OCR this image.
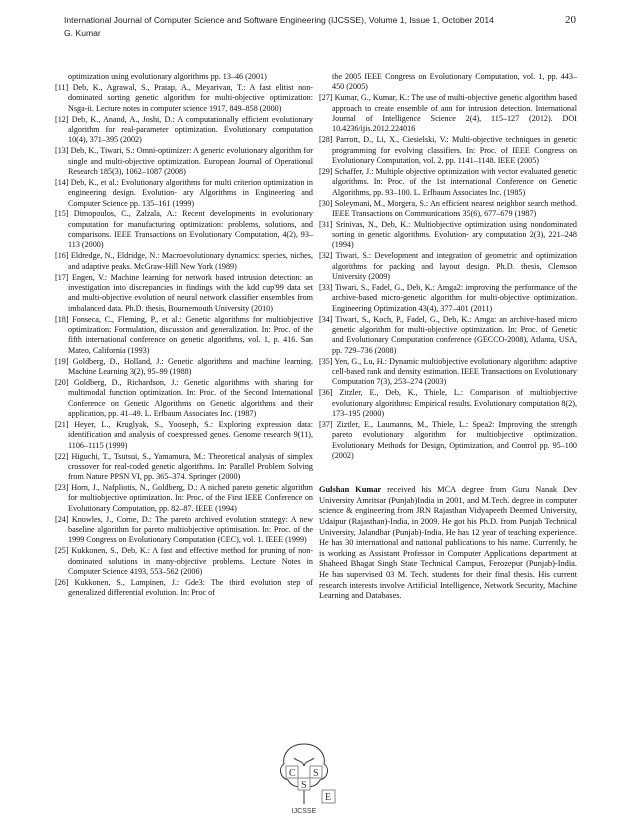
International Journal of Computer Science and Software Engineering (IJCSSE), Volume 1, Issue 1, October 2014
G. Kumar
20
optimization using evolutionary algorithms pp. 13–46 (2001)
[11] Deb, K., Agrawal, S., Pratap, A., Meyarivan, T.: A fast elitist non-dominated sorting genetic algorithm for multi-objective optimization: Nsga-ii. Lecture notes in computer science 1917, 849–858 (2000)
[12] Deb, K., Anand, A., Joshi, D.: A computationally efficient evolutionary algorithm for real-parameter optimization. Evolutionary computation 10(4), 371–395 (2002)
[13] Deb, K., Tiwari, S.: Omni-optimizer: A generic evolutionary algorithm for single and multi-objective optimization. European Journal of Operational Research 185(3), 1062–1087 (2008)
[14] Deb, K., et al.: Evolutionary algorithms for multi criterion optimization in engineering design. Evolution- ary Algorithms in Engineering and Computer Science pp. 135–161 (1999)
[15] Dimopoulos, C., Zalzala, A.: Recent developments in evolutionary computation for manufacturing optimization: problems, solutions, and comparisons. IEEE Transactions on Evolutionary Computation, 4(2), 93–113 (2000)
[16] Eldredge, N., Eldridge, N.: Macroevolutionary dynamics: species, niches, and adaptive peaks. McGraw-Hill New York (1989)
[17] Engen, V.: Machine learning for network based intrusion detection: an investigation into discrepancies in findings with the kdd cup'99 data set and multi-objective evolution of neural network classifier ensembles from imbalanced data. Ph.D. thesis, Bournemouth University (2010)
[18] Fonseca, C., Fleming, P., et al.: Genetic algorithms for multiobjective optimization: Formulation, discussion and generalization. In: Proc. of the fifth international conference on genetic algorithms, vol. 1, p. 416. San Mateo, California (1993)
[19] Goldberg, D., Holland, J.: Genetic algorithms and machine learning. Machine Learning 3(2), 95–99 (1988)
[20] Goldberg, D., Richardson, J.: Genetic algorithms with sharing for multimodal function optimization. In: Proc. of the Second International Conference on Genetic Algorithms on Genetic algorithms and their application, pp. 41–49. L. Erlbaum Associates Inc. (1987)
[21] Heyer, L., Kruglyak, S., Yooseph, S.: Exploring expression data: identification and analysis of coexpressed genes. Genome research 9(11), 1106–1115 (1999)
[22] Higuchi, T., Tsutsui, S., Yamamura, M.: Theoretical analysis of simplex crossover for real-coded genetic algorithms. In: Parallel Problem Solving from Nature PPSN VI, pp. 365–374. Springer (2000)
[23] Horn, J., Nafpliotis, N., Goldberg, D.: A niched pareto genetic algorithm for multiobjective optimization. In: Proc. of the First IEEE Conference on Evolutionary Computation, pp. 82–87. IEEE (1994)
[24] Knowles, J., Corne, D.: The pareto archived evolution strategy: A new baseline algorithm for pareto multiobjective optimisation. In: Proc. of the 1999 Congress on Evolutionary Computation (CEC), vol. 1. IEEE (1999)
[25] Kukkonen, S., Deb, K.: A fast and effective method for pruning of non-dominated solutions in many-objective problems. Lecture Notes in Computer Science 4193, 553–562 (2006)
[26] Kukkonen, S., Lampinen, J.: Gde3: The third evolution step of generalized differential evolution. In: Proc of
the 2005 IEEE Congress on Evolutionary Computation, vol. 1, pp. 443–450 (2005)
[27] Kumar, G., Kumar, K.: The use of multi-objective genetic algorithm based approach to create ensemble of ann for intrusion detection. International Journal of Intelligence Science 2(4), 115–127 (2012). DOI 10.4236/ijis.2012.224016
[28] Parrott, D., Li, X., Ciesielski, V.: Multi-objective techniques in genetic programming for evolving classifiers. In: Proc. of IEEE Congress on Evolutionary Computation, vol. 2, pp. 1141–1148. IEEE (2005)
[29] Schaffer, J.: Multiple objective optimization with vector evaluated genetic algorithms. In: Proc. of the 1st international Conference on Genetic Algorithms, pp. 93–100. L. Erlbaum Associates Inc. (1985)
[30] Soleymani, M., Morgera, S.: An efficient nearest neighbor search method. IEEE Transactions on Communications 35(6), 677–679 (1987)
[31] Srinivas, N., Deb, K.: Multiobjective optimization using nondominated sorting in genetic algorithms. Evolution- ary computation 2(3), 221–248 (1994)
[32] Tiwari, S.: Development and integration of geometric and optimization algorithms for packing and layout design. Ph.D. thesis, Clemson University (2009)
[33] Tiwari, S., Fadel, G., Deb, K.: Amga2: improving the performance of the archive-based micro-genetic algorithm for multi-objective optimization. Engineering Optimization 43(4), 377–401 (2011)
[34] Tiwari, S., Koch, P., Fadel, G., Deb, K.: Amga: an archive-based micro genetic algorithm for multi-objective optimization. In: Proc. of Genetic and Evolutionary Computation conference (GECCO-2008), Atlanta, USA, pp. 729–736 (2008)
[35] Yen, G., Lu, H.: Dynamic multiobjective evolutionary algorithm: adaptive cell-based rank and density estimation. IEEE Transactions on Evolutionary Computation 7(3), 253–274 (2003)
[36] Zitzler, E., Deb, K., Thiele, L.: Comparison of multiobjective evolutionary algorithms: Empirical results. Evolutionary computation 8(2), 173–195 (2000)
[37] Ziztler, E., Laumanns, M., Thiele, L.: Spea2: Improving the strength pareto evolutionary algorithm for multiobjective optimization. Evolutionary Methods for Design, Optimization, and Control pp. 95–100 (2002)
Gulshan Kumar received his MCA degree from Guru Nanak Dev University Amritsar (Punjab)India in 2001, and M.Tech. degree in computer science & engineering from JRN Rajasthan Vidyapeeth Deemed University, Udaipur (Rajasthan)-India, in 2009. He got his Ph.D. from Punjab Technical University, Jalandhar (Punjab)-India. He has 12 year of teaching experience. He has 30 international and national publications to his name. Currently, he is working as Assistant Professor in Computer Applications department at Shaheed Bhagat Singh State Technical Campus, Ferozepur (Punjab)-India. He has supervised 03 M. Tech. students for their final thesis. His current research interests involve Artificial Intelligence, Network Security, Machine Learning and Databases.
C
S
S
E
IJCSSE
